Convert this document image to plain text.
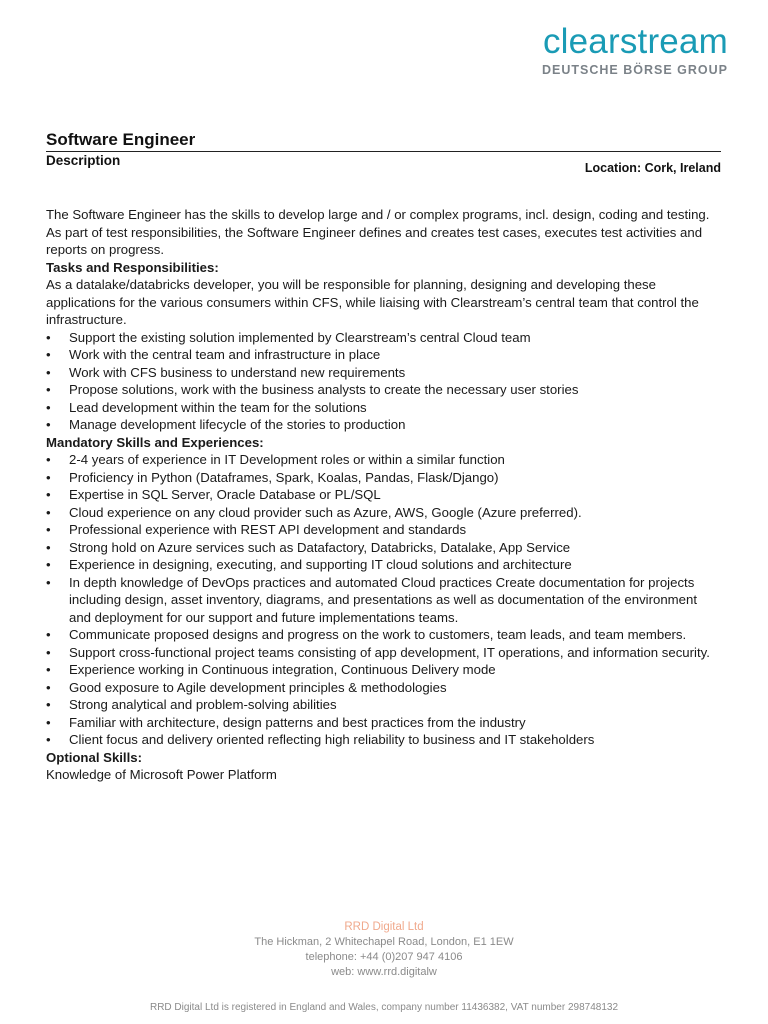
clearstream
DEUTSCHE BÖRSE GROUP
Software Engineer
Description	Location: Cork, Ireland

The Software Engineer has the skills to develop large and / or complex programs, incl. design, coding and testing. As part of test responsibilities, the Software Engineer defines and creates test cases, executes test activities and reports on progress.

Tasks and Responsibilities:

As a datalake/databricks developer, you will be responsible for planning, designing and developing these applications for the various consumers within CFS, while liaising with Clearstream’s central team that control the infrastructure.

• Support the existing solution implemented by Clearstream’s central Cloud team
• Work with the central team and infrastructure in place
• Work with CFS business to understand new requirements
• Propose solutions, work with the business analysts to create the necessary user stories
• Lead development within the team for the solutions
• Manage development lifecycle of the stories to production

Mandatory Skills and Experiences:

• 2-4 years of experience in IT Development roles or within a similar function
• Proficiency in Python (Dataframes, Spark, Koalas, Pandas, Flask/Django)
• Expertise in SQL Server, Oracle Database or PL/SQL
• Cloud experience on any cloud provider such as Azure, AWS, Google (Azure preferred).
• Professional experience with REST API development and standards
• Strong hold on Azure services such as Datafactory, Databricks, Datalake, App Service
• Experience in designing, executing, and supporting IT cloud solutions and architecture
• In depth knowledge of DevOps practices and automated Cloud practices Create documentation for projects including design, asset inventory, diagrams, and presentations as well as documentation of the environment and deployment for our support and future implementations teams.
• Communicate proposed designs and progress on the work to customers, team leads, and team members.
• Support cross-functional project teams consisting of app development, IT operations, and information security.
• Experience working in Continuous integration, Continuous Delivery mode
• Good exposure to Agile development principles & methodologies
• Strong analytical and problem-solving abilities
• Familiar with architecture, design patterns and best practices from the industry
• Client focus and delivery oriented reflecting high reliability to business and IT stakeholders

Optional Skills:

Knowledge of Microsoft Power Platform

RRD Digital Ltd
The Hickman, 2 Whitechapel Road, London, E1 1EW
telephone: +44 (0)207 947 4106
web: www.rrd.digitalw
RRD Digital Ltd is registered in England and Wales, company number 11436382, VAT number 298748132
